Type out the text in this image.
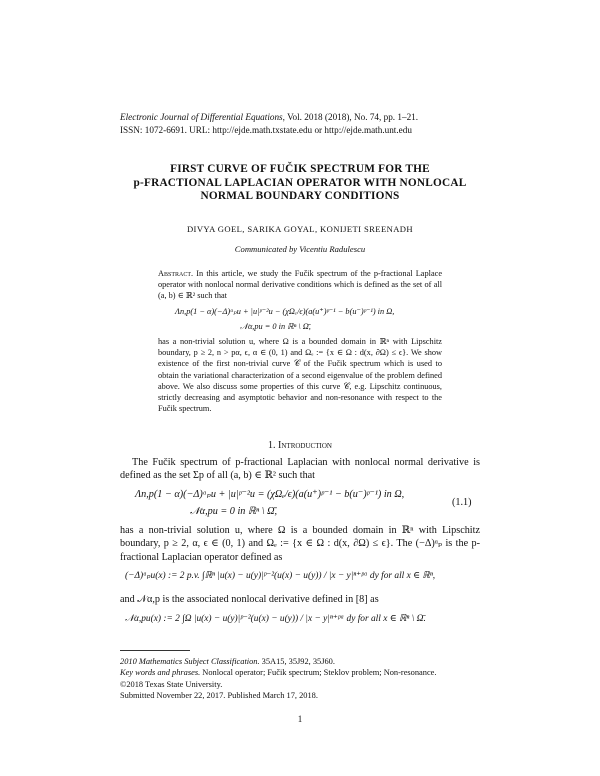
Electronic Journal of Differential Equations, Vol. 2018 (2018), No. 74, pp. 1–21.
ISSN: 1072-6691. URL: http://ejde.math.txstate.edu or http://ejde.math.unt.edu
FIRST CURVE OF FUČIK SPECTRUM FOR THE
p-FRACTIONAL LAPLACIAN OPERATOR WITH NONLOCAL
NORMAL BOUNDARY CONDITIONS
DIVYA GOEL, SARIKA GOYAL, KONIJETI SREENADH
Communicated by Vicentiu Radulescu
Abstract. In this article, we study the Fučik spectrum of the p-fractional Laplace operator with nonlocal normal derivative conditions which is defined as the set of all (a, b) ∈ ℝ² such that
Λn,p(1 − α)(−Δ)ᵅₚu + |u|ᵖ⁻²u − (χΩₑ/ϵ)(a(u⁺)ᵖ⁻¹ − b(u⁻)ᵖ⁻¹) in Ω,
𝒩α,pu = 0 in ℝⁿ \ Ω̄,
has a non-trivial solution u, where Ω is a bounded domain in ℝⁿ with Lipschitz boundary, p ≥ 2, n > pα, ϵ, α ∈ (0, 1) and Ωₑ := {x ∈ Ω : d(x, ∂Ω) ≤ ϵ}. We show existence of the first non-trivial curve 𝒞 of the Fučik spectrum which is used to obtain the variational characterization of a second eigenvalue of the problem defined above. We also discuss some properties of this curve 𝒞, e.g. Lipschitz continuous, strictly decreasing and asymptotic behavior and non-resonance with respect to the Fučik spectrum.
1. Introduction
The Fučik spectrum of p-fractional Laplacian with nonlocal normal derivative is defined as the set Σp of all (a, b) ∈ ℝ² such that
Λn,p(1 − α)(−Δ)ᵅₚu + |u|ᵖ⁻²u = (χΩₑ/ϵ)(a(u⁺)ᵖ⁻¹ − b(u⁻)ᵖ⁻¹) in Ω,
𝒩α,pu = 0 in ℝⁿ \ Ω̄,
(1.1)
has a non-trivial solution u, where Ω is a bounded domain in ℝⁿ with Lipschitz boundary, p ≥ 2, α, ϵ ∈ (0, 1) and Ωₑ := {x ∈ Ω : d(x, ∂Ω) ≤ ϵ}. The (−Δ)ᵅₚ is the p-fractional Laplacian operator defined as
(−Δ)ᵅₚu(x) := 2 p.v. ∫ℝⁿ |u(x) − u(y)|ᵖ⁻²(u(x) − u(y)) / |x − y|ⁿ⁺ᵖᵅ dy for all x ∈ ℝⁿ,
and 𝒩α,p is the associated nonlocal derivative defined in [8] as
𝒩α,pu(x) := 2 ∫Ω |u(x) − u(y)|ᵖ⁻²(u(x) − u(y)) / |x − y|ⁿ⁺ᵖᵅ dy for all x ∈ ℝⁿ \ Ω̄.
2010 Mathematics Subject Classification. 35A15, 35J92, 35J60.
Key words and phrases. Nonlocal operator; Fučik spectrum; Steklov problem; Non-resonance.
©2018 Texas State University.
Submitted November 22, 2017. Published March 17, 2018.
1
